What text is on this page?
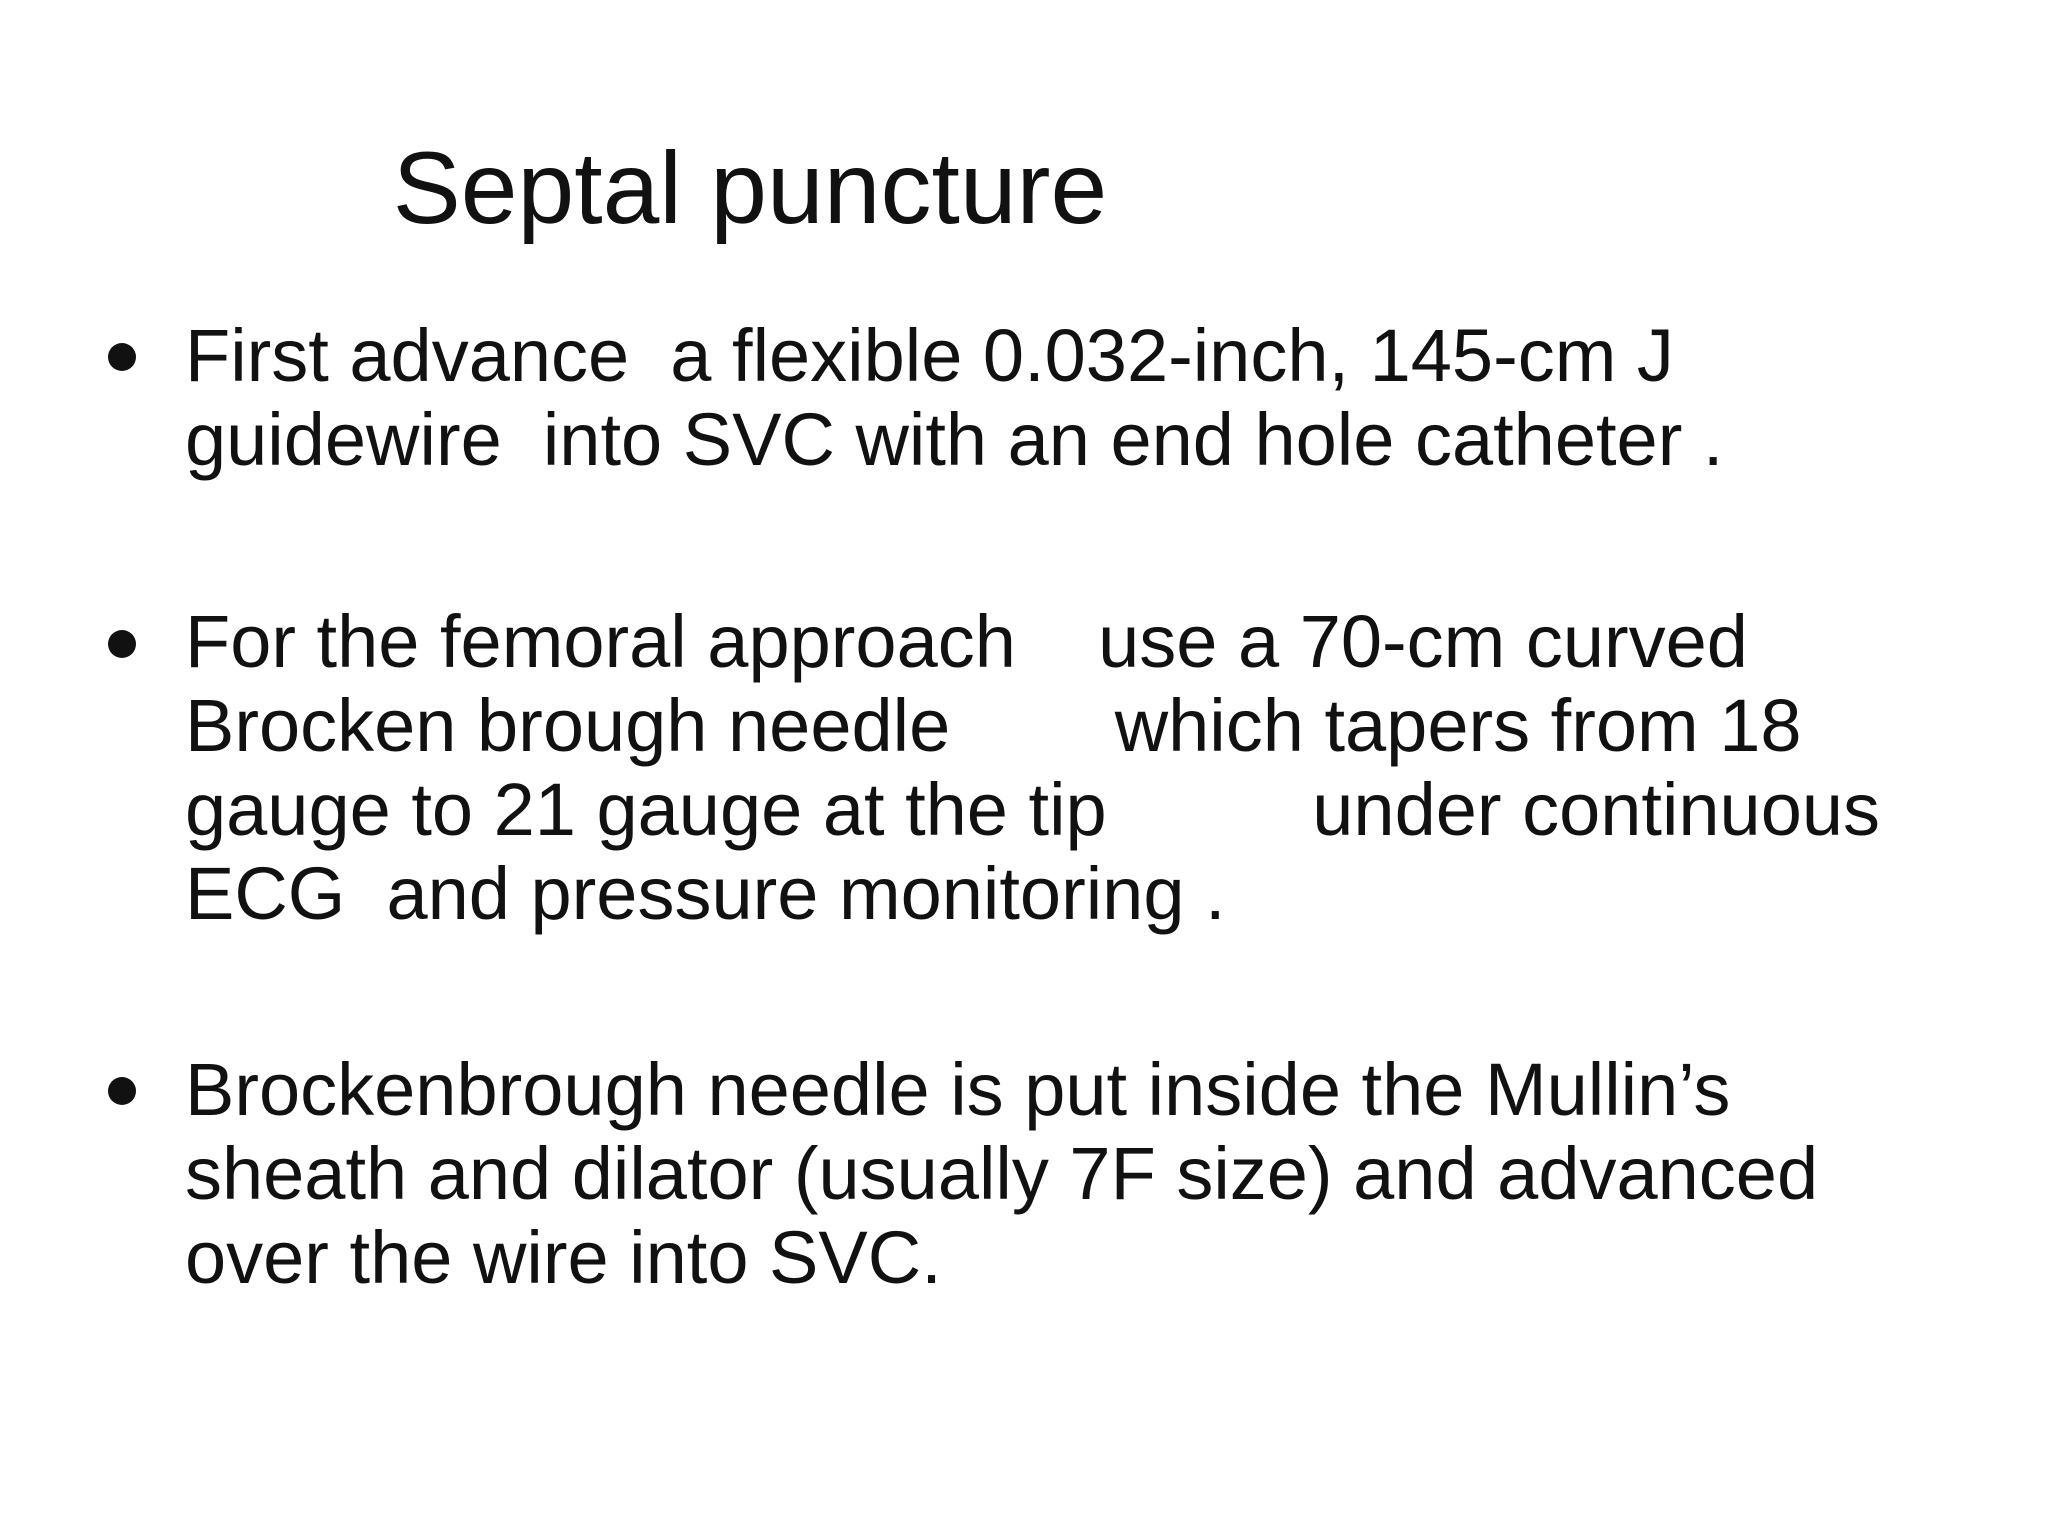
Septal puncture
First advance  a flexible 0.032-inch, 145-cm J
guidewire  into SVC with an end hole catheter .
For the femoral approach    use a 70-cm curved
Brocken brough needle        which tapers from 18
gauge to 21 gauge at the tip          under continuous
ECG  and pressure monitoring .
Brockenbrough needle is put inside the Mullin’s
sheath and dilator (usually 7F size) and advanced
over the wire into SVC.
